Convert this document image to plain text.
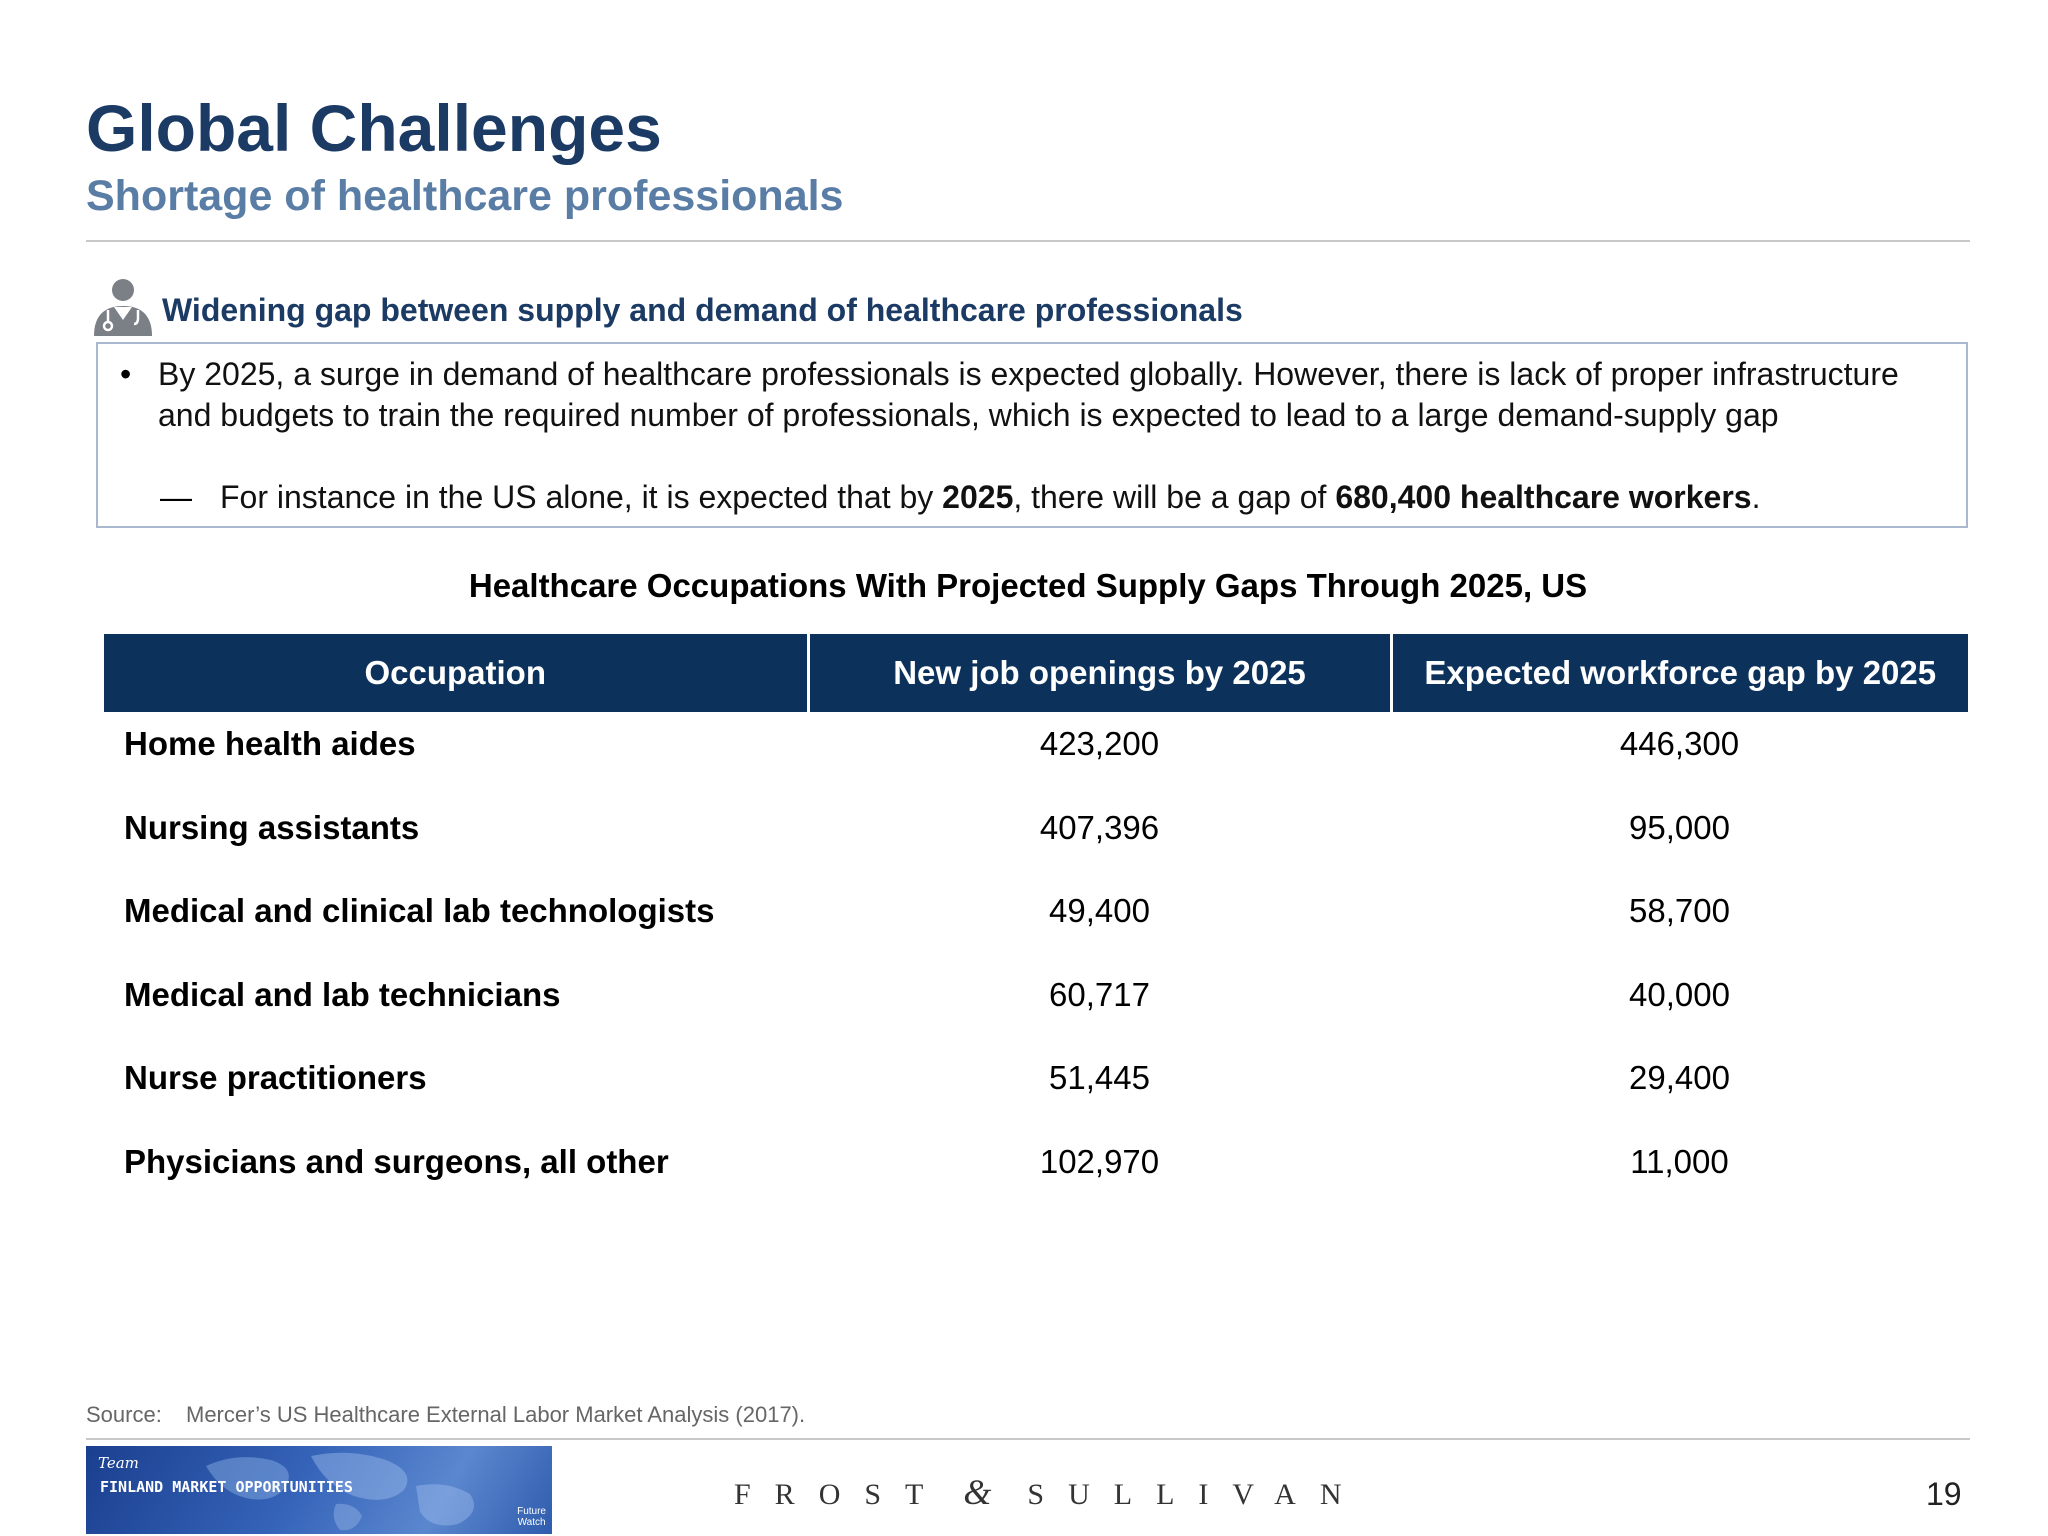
Global Challenges
Shortage of healthcare professionals
Widening gap between supply and demand of healthcare professionals
• By 2025, a surge in demand of healthcare professionals is expected globally. However, there is lack of proper infrastructure and budgets to train the required number of professionals, which is expected to lead to a large demand-supply gap
— For instance in the US alone, it is expected that by 2025, there will be a gap of 680,400 healthcare workers.
Healthcare Occupations With Projected Supply Gaps Through 2025, US
Occupation	New job openings by 2025	Expected workforce gap by 2025

Home health aides	423,200	446,300

Nursing assistants	407,396	95,000

Medical and clinical lab technologists	49,400	58,700

Medical and lab technicians	60,717	40,000

Nurse practitioners	51,445	29,400

Physicians and surgeons, all other	102,970	11,000
Source: Mercer’s US Healthcare External Labor Market Analysis (2017).
Team
FINLAND MARKET OPPORTUNITIES
Future
Watch
FROST & SULLIVAN	19
